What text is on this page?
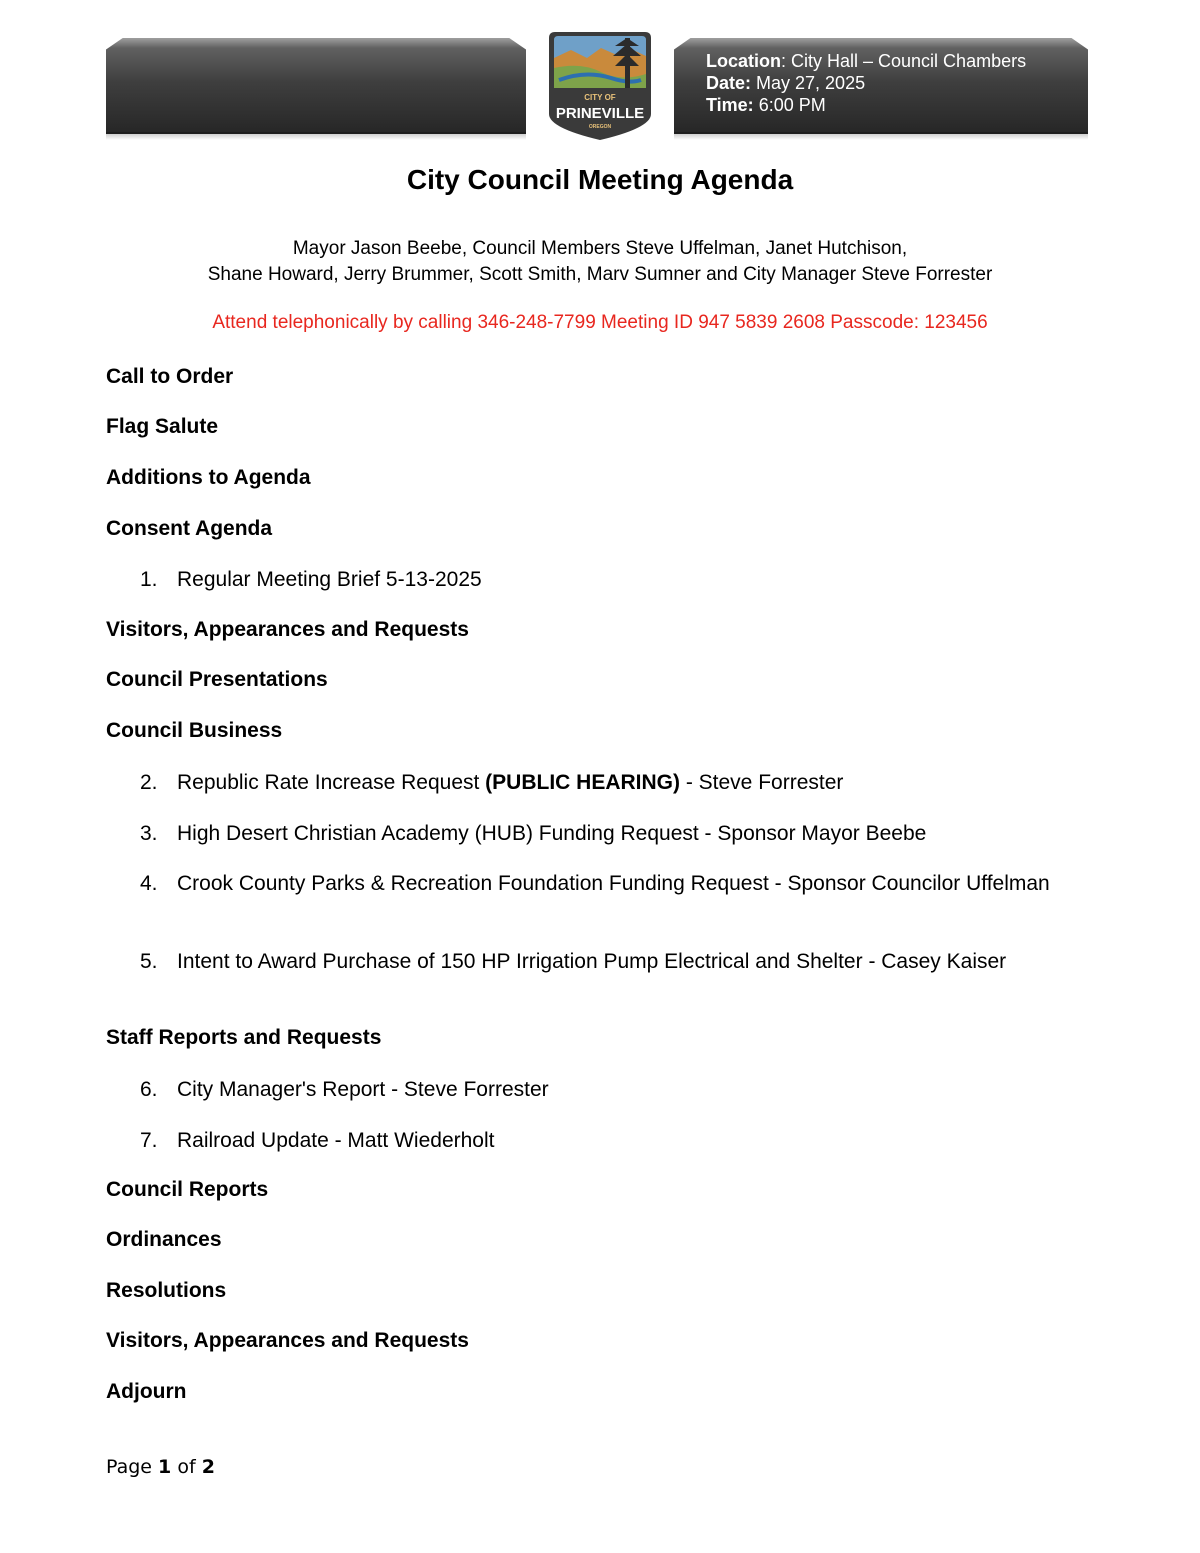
Location: City Hall – Council Chambers
Date: May 27, 2025
Time: 6:00 PM
CITY OF
PRINEVILLE
OREGON
City Council Meeting Agenda
Mayor Jason Beebe, Council Members Steve Uffelman, Janet Hutchison,
Shane Howard, Jerry Brummer, Scott Smith, Marv Sumner and City Manager Steve Forrester
Attend telephonically by calling 346-248-7799 Meeting ID 947 5839 2608 Passcode: 123456
Call to Order
Flag Salute
Additions to Agenda
Consent Agenda
1. Regular Meeting Brief 5-13-2025
Visitors, Appearances and Requests
Council Presentations
Council Business
2. Republic Rate Increase Request (PUBLIC HEARING) - Steve Forrester
3. High Desert Christian Academy (HUB) Funding Request - Sponsor Mayor Beebe
4. Crook County Parks & Recreation Foundation Funding Request - Sponsor Councilor Uffelman
5. Intent to Award Purchase of 150 HP Irrigation Pump Electrical and Shelter - Casey Kaiser
Staff Reports and Requests
6. City Manager's Report - Steve Forrester
7. Railroad Update - Matt Wiederholt
Council Reports
Ordinances
Resolutions
Visitors, Appearances and Requests
Adjourn
Page 1 of 2
